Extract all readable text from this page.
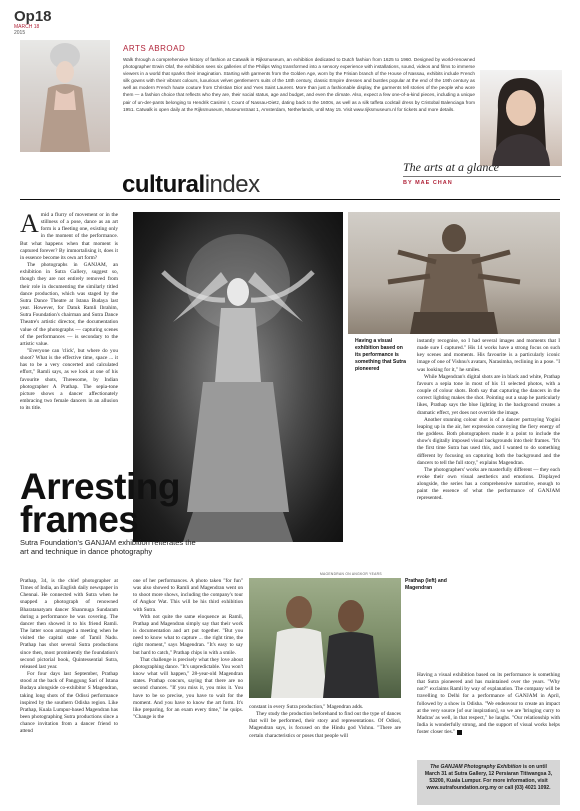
Op18
MARCH 18
2015
ARTS ABROAD
Walk through a comprehensive history of fashion at Catwalk in Rijksmuseum, an exhibition dedicated to Dutch fashion from 1625 to 1960. Designed by world-renowned photographer Erwin Olaf, the exhibition sees six galleries of the Philips Wing transformed into a sensory experience with installations, sound, videos and films to immerse viewers in a world that sparks their imagination. Starting with garments from the Golden Age, worn by the Frisian branch of the House of Nassau, exhibits include French silk gowns with their vibrant colours, luxurious velvet gentlemen's suits of the 18th century, classic Empire dresses and bustles popular at the end of the 19th century as well as modern French haute couture from Christian Dior and Yves Saint Laurent. More than just a fashionable display, the garments tell stories of the people who wore them — a fashion choice that reflects who they are, their social status, age and budget, and even the climate. Also, expect a few one-of-a-kind pieces, including a unique pair of un-der-pants belonging to Hendrik Casimir I, Count of Nassau-Dietz, dating back to the 1600s, as well as a silk taffeta cocktail dress by Cristobal Balenciaga from 1951. Catwalk is open daily at the Rijksmuseum, Museumstraat 1, Amsterdam, Netherlands, until May 15. Visit www.rijksmuseum.nl for tickets and more details.
culturalindex
The arts at a glance
BY MAE CHAN

Amid a flurry of movement or in the stillness of a pose, dance as an art form is a fleeting one, existing only in the moment of the performance. But what happens when that moment is captured forever? By immortalising it, does it in essence become its own art form?

The photographs in GANJAM, an exhibition in Sutra Gallery, suggest so, though they are not entirely removed from their role in documenting the similarly titled dance production, which was staged by the Sutra Dance Theatre at Istana Budaya last year. However, for Datuk Ramli Ibrahim, Sutra Foundation's chairman and Sutra Dance Theatre's artistic director, the documentation value of the photographs — capturing scenes of the performances — is secondary to the artistic value.

"Everyone can 'click', but where do you shoot? What is the effective time, space ... it has to be a very concerted and calculated effort," Ramli says, as we look at one of his favourite shots, Threesome, by Indian photographer A Prathap. The sepia-tone picture shows a dancer affectionately embracing two female dancers in an allusion to its title.

Having a visual exhibition based on its performance is something that Sutra pioneered

instantly recognise, so I had several images and moments that I made sure I captured." His 14 works have a strong focus on such key scenes and moments. His favourite is a particularly iconic image of one of Vishnu's avatars, Narasimha, reclining in a pose. "I was looking for it," he smiles.

While Magendran's digital shots are in black and white, Prathap favours a sepia tone in most of his 11 selected photos, with a couple of colour shots. Both say that capturing the dancers in the correct lighting makes the shot. Pointing out a snap he particularly likes, Prathap says the blue lighting in the background creates a dramatic effect, yet does not override the image.

Another stunning colour shot is of a dancer portraying Yogini leaping up in the air, her expression conveying the fiery energy of the goddess. Both photographers made it a point to include the show's digitally imposed visual backgrounds into their frames. "It's the first time Sutra has used this, and I wanted to do something different by focusing on capturing both the background and the dancers to tell the full story," explains Magendran.

The photographers' works are masterfully different — they each evoke their own visual aesthetics and emotions. Displayed alongside, the series has a comprehensive narrative, enough to paint the essence of what the performance of GANJAM represented.

Arresting
frames
Sutra Foundation's GANJAM exhibition reiterates the art and technique in dance photography

Prathap, 34, is the chief photographer at Times of India, an English daily newspaper in Chennai. He connected with Sutra when he snapped a photograph of renowned Bharatanatyam dancer Shanmuga Sundaram during a performance he was covering. The dancer then showed it to his friend Ramli. The latter soon arranged a meeting when he visited the capital state of Tamil Nadu. Prathap has shot several Sutra productions since then, most prominently the foundation's second pictorial book, Quintessential Sutra, released last year.

For four days last September, Prathap stood at the back of Panggung Sari of Istana Budaya alongside co-exhibitor S Magendran, taking long shots of the Odissi performance inspired by the southern Odisha region. Like Prathap, Kuala Lumpur-based Magendran has been photographing Sutra productions since a chance invitation from a dancer friend to attend

one of her performances. A photo taken "for fun" was also showed to Ramli and Magendran went on to shoot more shows, including the company's tour of Angkor Wat. This will be his third exhibition with Sutra.

With not quite the same eloquence as Ramli, Prathap and Magendran simply say that their work is documentation and art put together. "But you need to know what to capture ... the right time, the right moment," says Magendran. "It's easy to say but hard to catch," Prathap chips in with a smile.

That challenge is precisely what they love about photographing dance. "It's unpredictable. You won't know what will happen," 28-year-old Magendran states. Prathap concurs, saying that there are no second chances. "If you miss it, you miss it. You have to be so precise, you have to wait for the moment. And you have to know the art form. It's like preparing, for an exam every time," he quips. "Change is the

MAGENDRAN ON ANGKOR YEARS
Prathap (left) and Magendran

constant in every Sutra production," Magendran adds.

They study the production beforehand to find out the type of dances that will be performed, their story and representations. Of Odissi, Magendran says, is focused on the Hindu god Vishnu. "There are certain characteristics or poses that people will

Having a visual exhibition based on its performance is something that Sutra pioneered and has maintained over the years. "Why not?" exclaims Ramli by way of explanation. The company will be travelling to Delhi for a performance of GANJAM in April, followed by a show in Odisha. "We endeavour to create an impact at the very source [of our inspiration], so we are 'bringing curry to Madras' as well, in that respect," he laughs. "Our relationship with India is wonderfully strong, and the support of visual works helps foster closer ties."

The GANJAM Photography Exhibition is on until March 31 at Sutra Gallery, 12 Persiaran Titiwangsa 3, 53200, Kuala Lumpur. For more information, visit www.sutrafoundation.org.my or call (03) 4021 1092.
